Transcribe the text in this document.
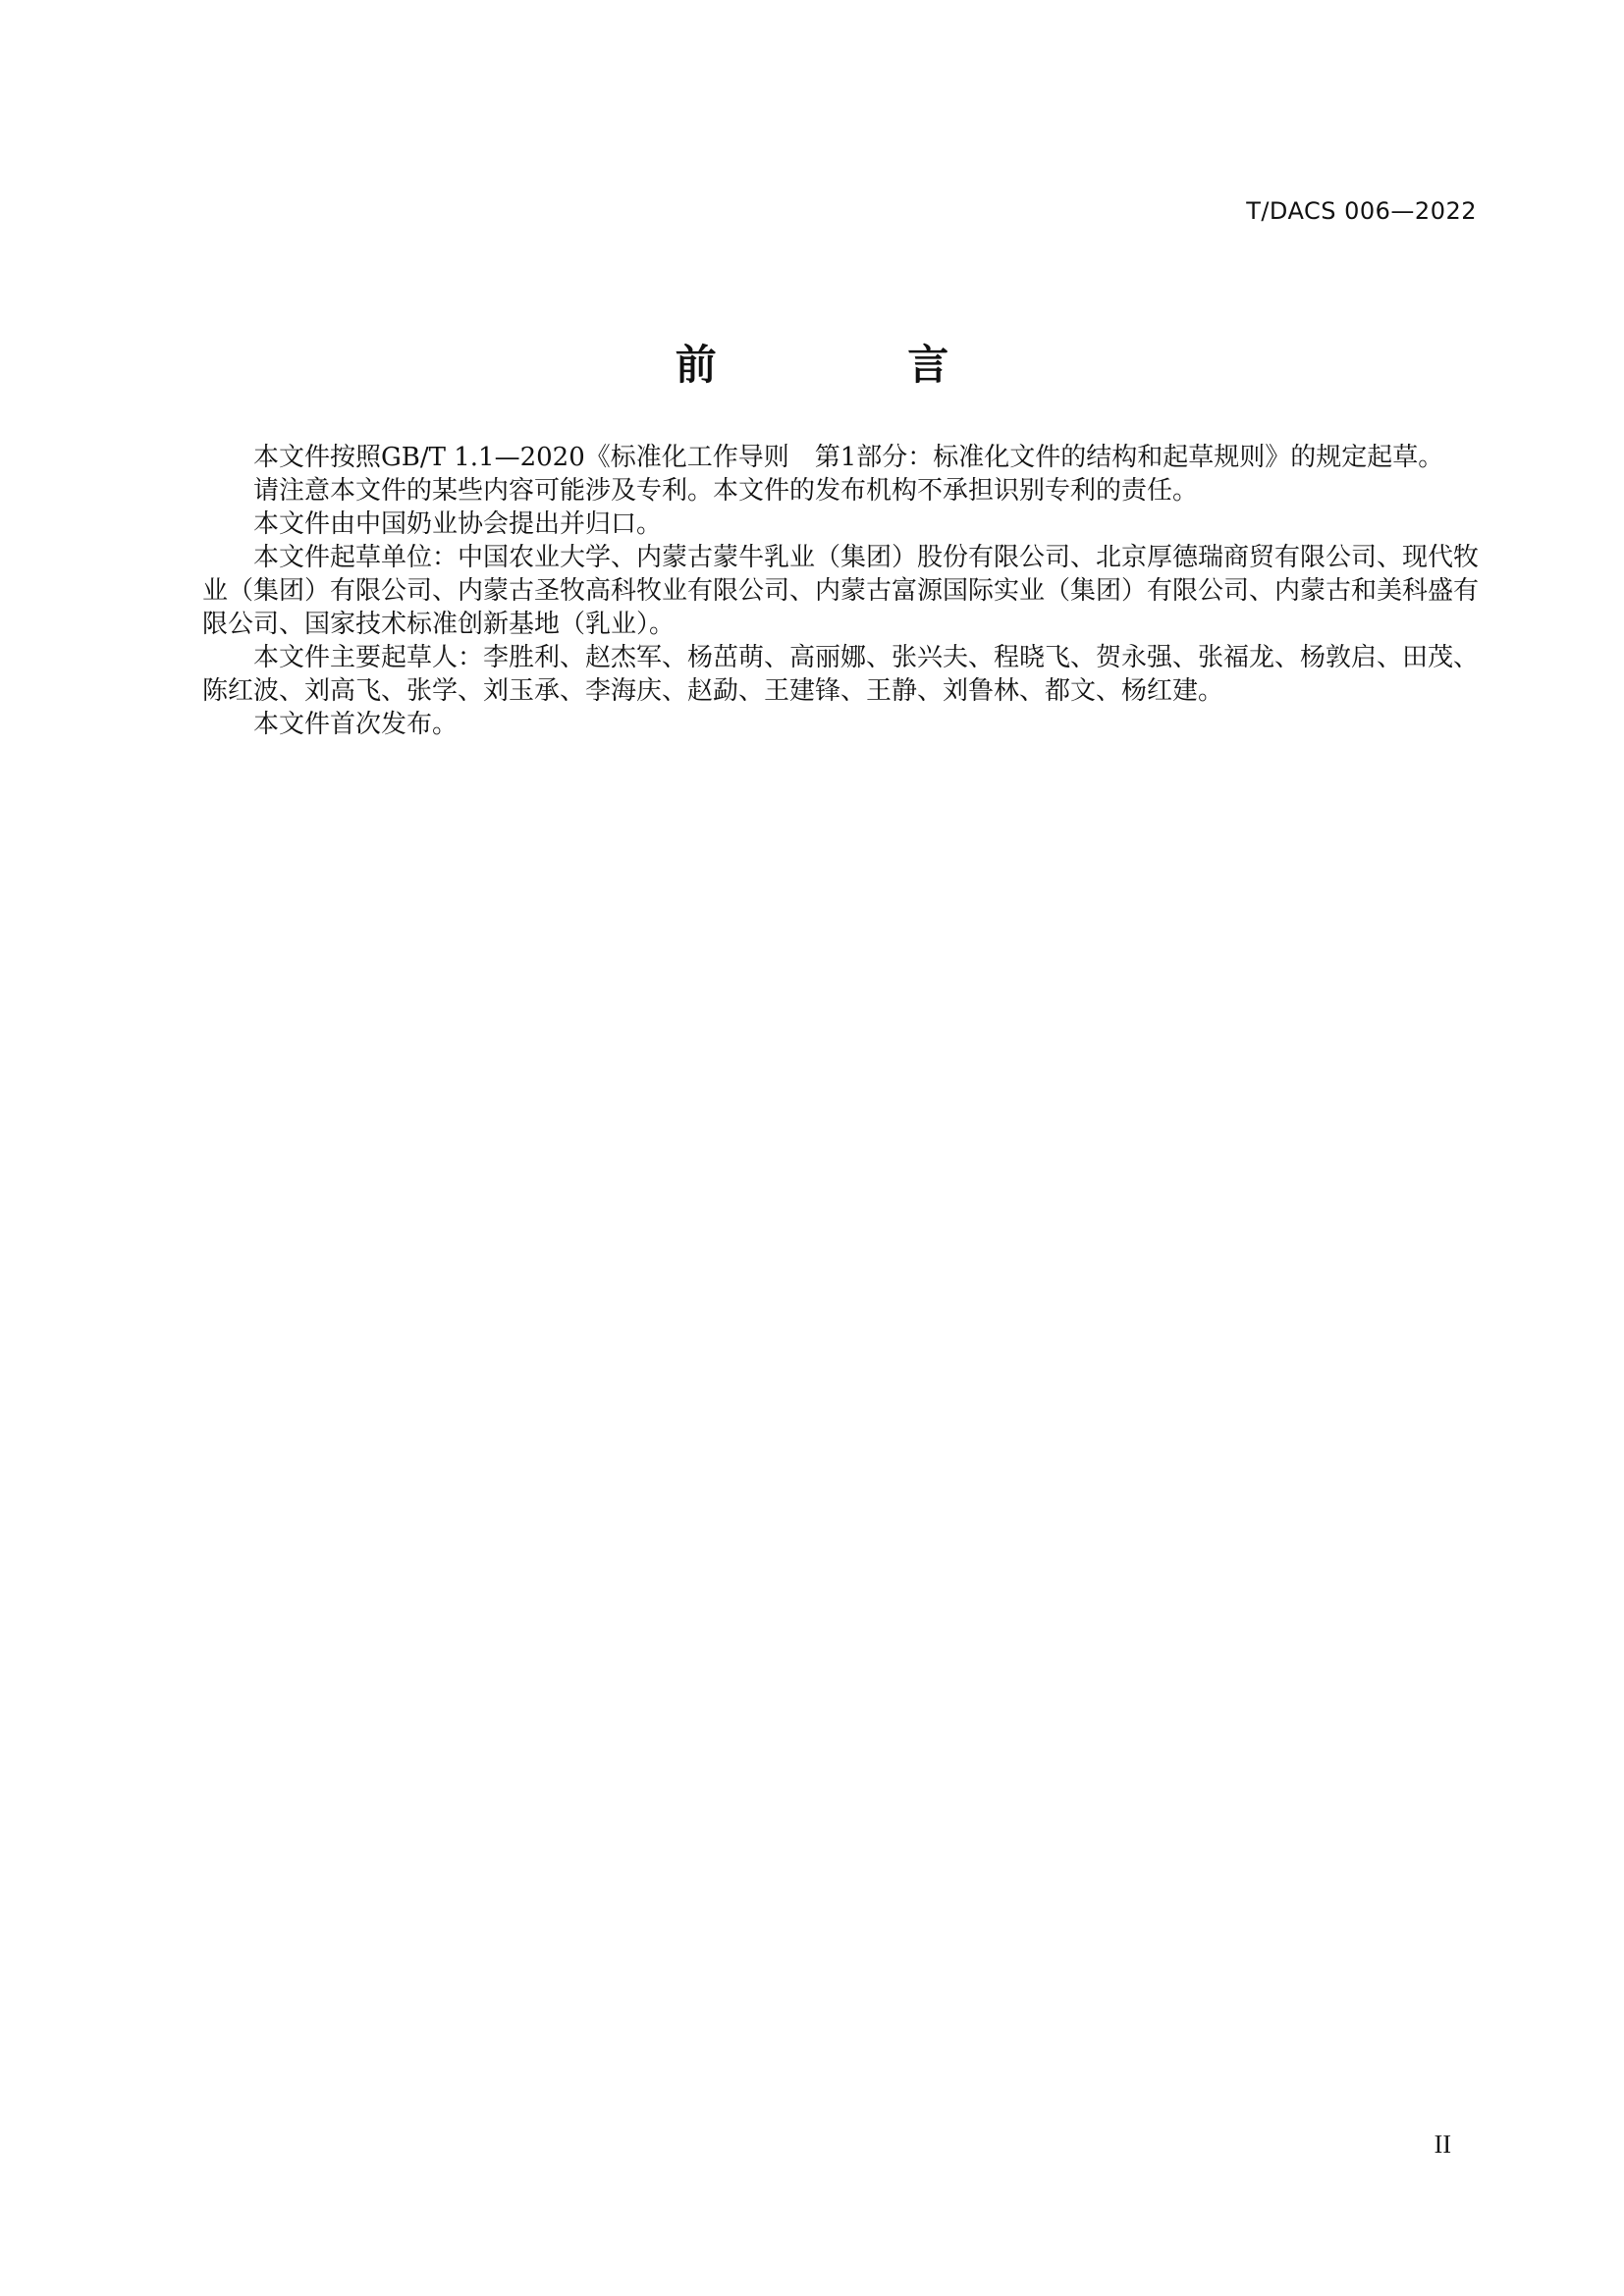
T/DACS 006—2022
前 言

本文件按照GB/T 1.1—2020《标准化工作导则　第1部分：标准化文件的结构和起草规则》的规定起草。

请注意本文件的某些内容可能涉及专利。本文件的发布机构不承担识别专利的责任。

本文件由中国奶业协会提出并归口。

本文件起草单位：中国农业大学、内蒙古蒙牛乳业（集团）股份有限公司、北京厚德瑞商贸有限公司、现代牧业（集团）有限公司、内蒙古圣牧高科牧业有限公司、内蒙古富源国际实业（集团）有限公司、内蒙古和美科盛有限公司、国家技术标准创新基地（乳业）。

本文件主要起草人：李胜利、赵杰军、杨茁萌、高丽娜、张兴夫、程晓飞、贺永强、张福龙、杨敦启、田茂、陈红波、刘高飞、张学、刘玉承、李海庆、赵勐、王建锋、王静、刘鲁林、都文、杨红建。

本文件首次发布。

II
